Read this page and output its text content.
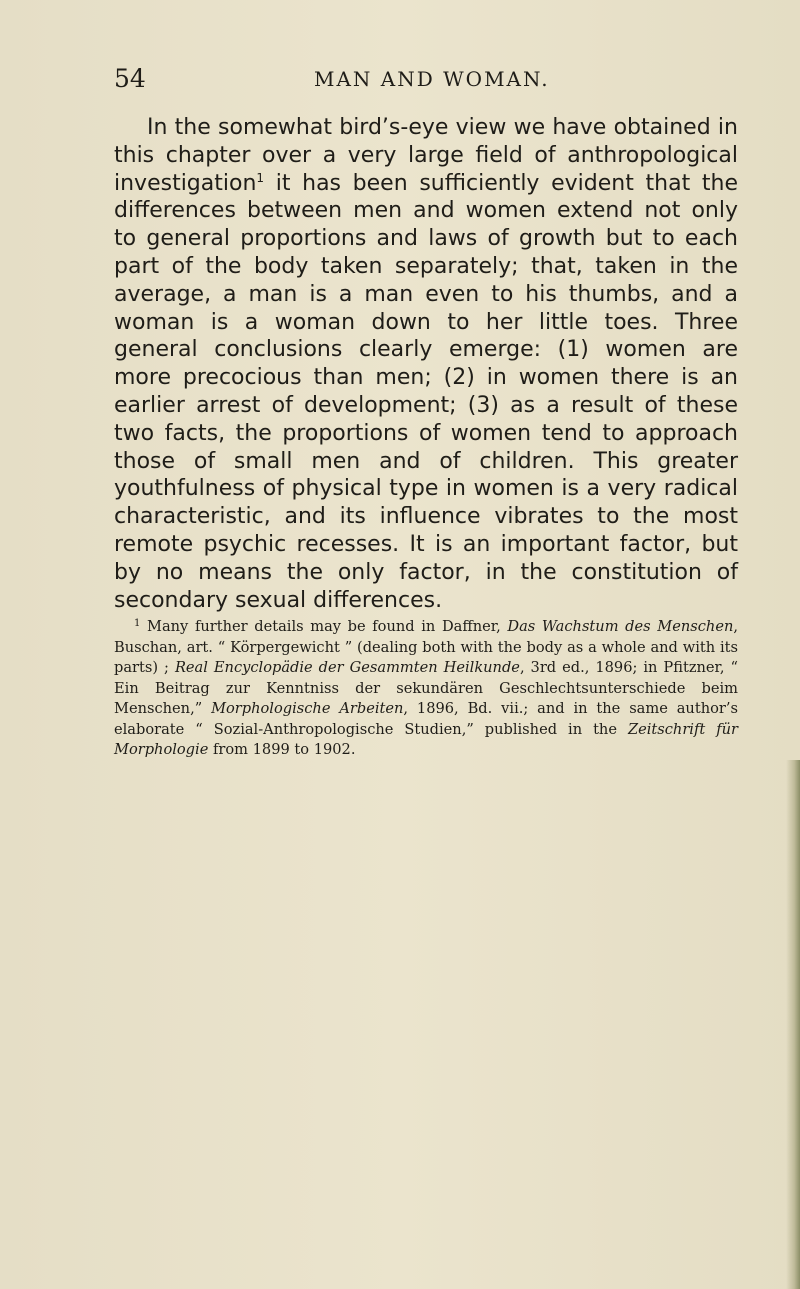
54	MAN AND WOMAN.

In the somewhat bird’s-eye view we have obtained in this chapter over a very large field of anthropological investigation$^1$ it has been sufficiently evident that the differences between men and women extend not only to general proportions and laws of growth but to each part of the body taken separately; that, taken in the average, a man is a man even to his thumbs, and a woman is a woman down to her little toes. Three general conclusions clearly emerge: (1) women are more precocious than men; (2) in women there is an earlier arrest of development; (3) as a result of these two facts, the proportions of women tend to approach those of small men and of children. This greater youthfulness of physical type in women is a very radical characteristic, and its influence vibrates to the most remote psychic recesses. It is an important factor, but by no means the only factor, in the constitution of secondary sexual differences.

$^1$ Many further details may be found in Daffner, Das Wachstum des Menschen, Buschan, art. “ Körpergewicht ” (dealing both with the body as a whole and with its parts) ; Real Encyclopädie der Gesammten Heilkunde, 3rd ed., 1896; in Pfitzner, “ Ein Beitrag zur Kenntniss der sekundären Geschlechtsunterschiede beim Menschen,” Morphologische Arbeiten, 1896, Bd. vii.; and in the same author’s elaborate “ Sozial-Anthropologische Studien,” published in the Zeitschrift für Morphologie from 1899 to 1902.
